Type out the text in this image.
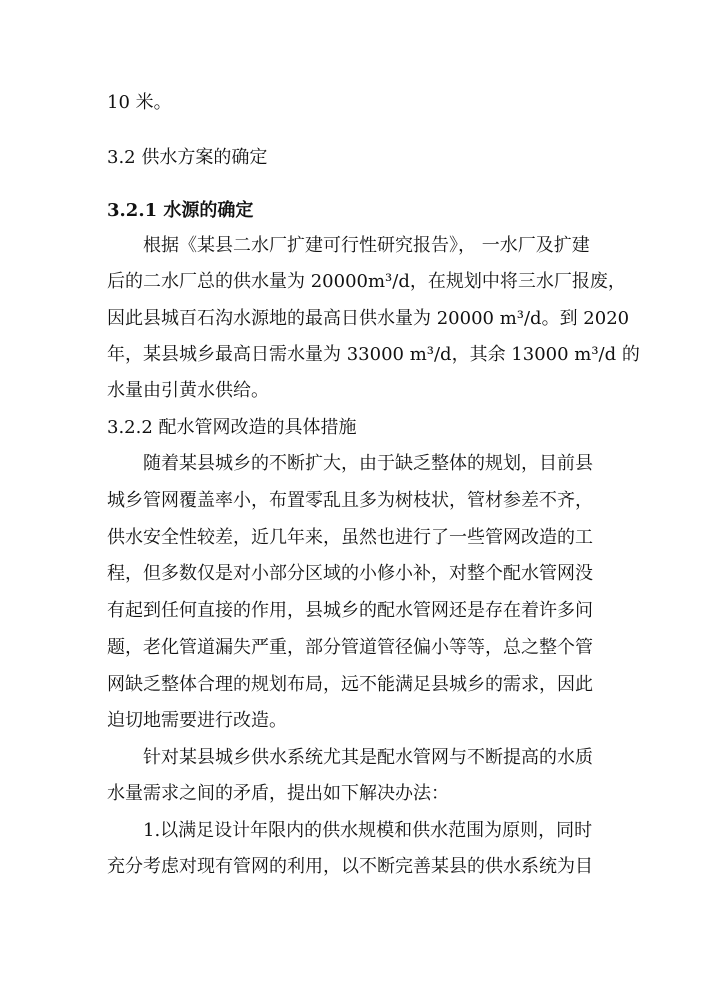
10 米。
3.2 供水方案的确定
3.2.1 水源的确定
根据《某县二水厂扩建可行性研究报告》， 一水厂及扩建
后的二水厂总的供水量为 20000m³/d，在规划中将三水厂报废，
因此县城百石沟水源地的最高日供水量为 20000 m³/d。到 2020
年，某县城乡最高日需水量为 33000 m³/d，其余 13000 m³/d 的
水量由引黄水供给。
3.2.2 配水管网改造的具体措施
随着某县城乡的不断扩大，由于缺乏整体的规划，目前县
城乡管网覆盖率小，布置零乱且多为树枝状，管材参差不齐，
供水安全性较差，近几年来，虽然也进行了一些管网改造的工
程，但多数仅是对小部分区域的小修小补，对整个配水管网没
有起到任何直接的作用，县城乡的配水管网还是存在着许多问
题，老化管道漏失严重，部分管道管径偏小等等，总之整个管
网缺乏整体合理的规划布局，远不能满足县城乡的需求，因此
迫切地需要进行改造。
针对某县城乡供水系统尤其是配水管网与不断提高的水质
水量需求之间的矛盾，提出如下解决办法：
1.以满足设计年限内的供水规模和供水范围为原则，同时
充分考虑对现有管网的利用，以不断完善某县的供水系统为目
